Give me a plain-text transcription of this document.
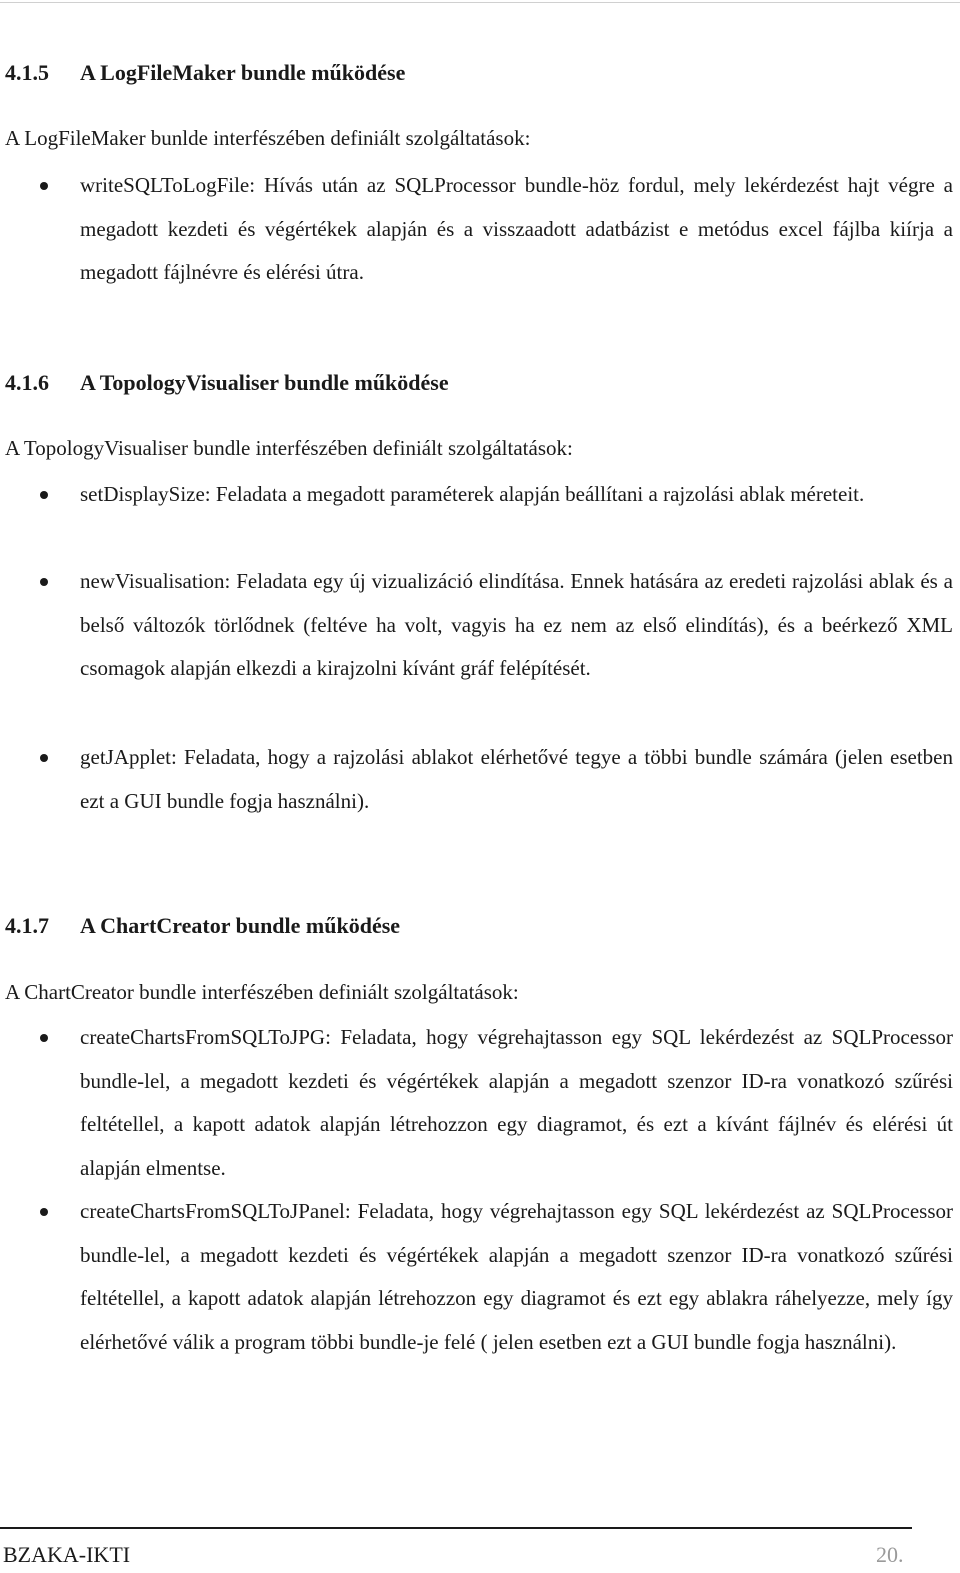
4.1.5 A LogFileMaker bundle működése
A LogFileMaker bunlde interfészében definiált szolgáltatások:
writeSQLToLogFile: Hívás után az SQLProcessor bundle-höz fordul, mely lekérdezést hajt végre a megadott kezdeti és végértékek alapján és a visszaadott adatbázist e metódus excel fájlba kiírja a megadott fájlnévre és elérési útra.
4.1.6 A TopologyVisualiser bundle működése
A TopologyVisualiser bundle interfészében definiált szolgáltatások:
setDisplaySize: Feladata a megadott paraméterek alapján beállítani a rajzolási ablak méreteit.
newVisualisation: Feladata egy új vizualizáció elindítása. Ennek hatására az eredeti rajzolási ablak és a belső változók törlődnek (feltéve ha volt, vagyis ha ez nem az első elindítás), és a beérkező XML csomagok alapján elkezdi a kirajzolni kívánt gráf felépítését.
getJApplet: Feladata, hogy a rajzolási ablakot elérhetővé tegye a többi bundle számára (jelen esetben ezt a GUI bundle fogja használni).
4.1.7 A ChartCreator bundle működése
A ChartCreator bundle interfészében definiált szolgáltatások:
createChartsFromSQLToJPG: Feladata, hogy végrehajtasson egy SQL lekérdezést az SQLProcessor bundle-lel, a megadott kezdeti és végértékek alapján a megadott szenzor ID-ra vonatkozó szűrési feltétellel, a kapott adatok alapján létrehozzon egy diagramot, és ezt a kívánt fájlnév és elérési út alapján elmentse.
createChartsFromSQLToJPanel: Feladata, hogy végrehajtasson egy SQL lekérdezést az SQLProcessor bundle-lel, a megadott kezdeti és végértékek alapján a megadott szenzor ID-ra vonatkozó szűrési feltétellel, a kapott adatok alapján létrehozzon egy diagramot és ezt egy ablakra ráhelyezze, mely így elérhetővé válik a program többi bundle-je felé ( jelen esetben ezt a GUI bundle fogja használni).
BZAKA-IKTI	20.
